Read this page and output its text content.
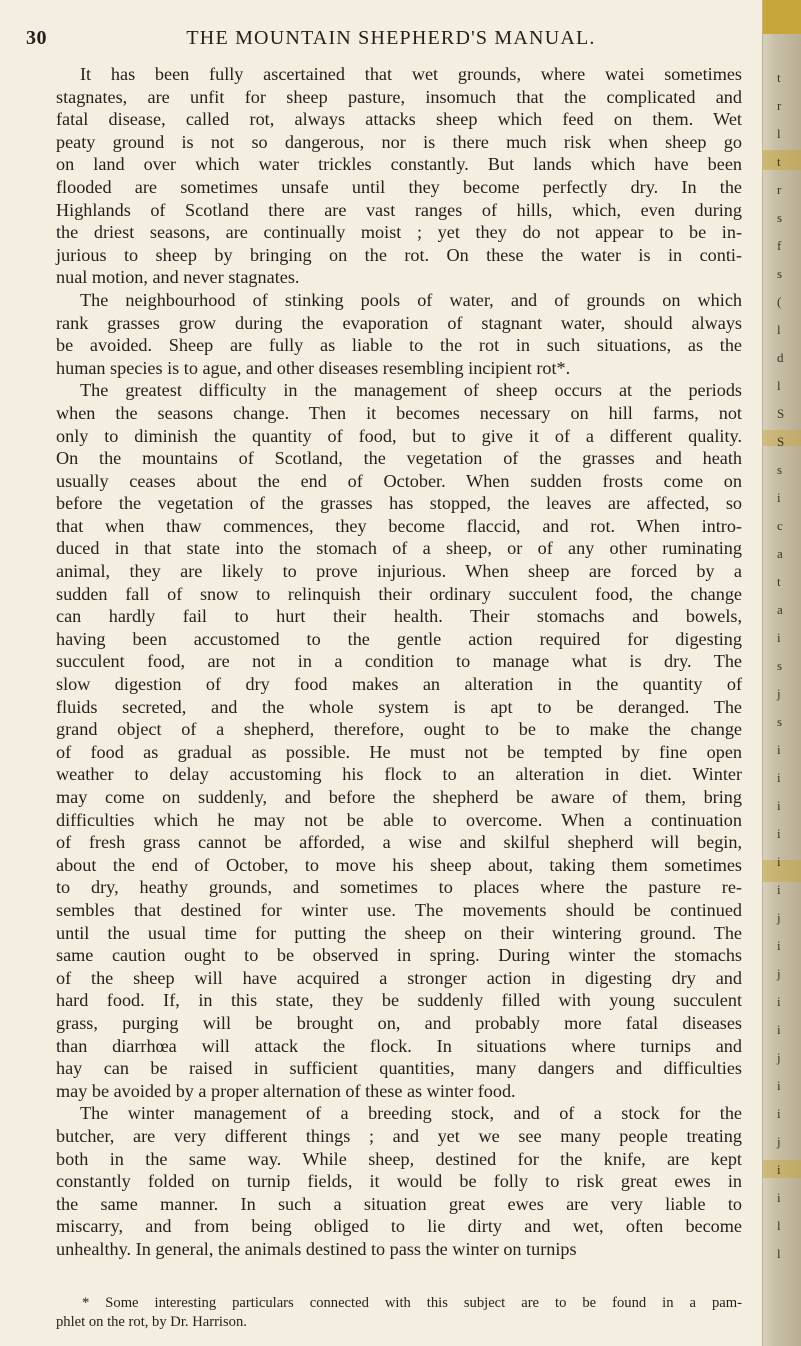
30	THE MOUNTAIN SHEPHERD'S MANUAL.
It has been fully ascertained that wet grounds, where watei sometimes
stagnates, are unfit for sheep pasture, insomuch that the complicated and
fatal disease, called rot, always attacks sheep which feed on them. Wet
peaty ground is not so dangerous, nor is there much risk when sheep go
on land over which water trickles constantly. But lands which have been
flooded are sometimes unsafe until they become perfectly dry. In the
Highlands of Scotland there are vast ranges of hills, which, even during
the driest seasons, are continually moist ; yet they do not appear to be in-
jurious to sheep by bringing on the rot. On these the water is in conti-
nual motion, and never stagnates.
The neighbourhood of stinking pools of water, and of grounds on which
rank grasses grow during the evaporation of stagnant water, should always
be avoided. Sheep are fully as liable to the rot in such situations, as the
human species is to ague, and other diseases resembling incipient rot*.
The greatest difficulty in the management of sheep occurs at the periods
when the seasons change. Then it becomes necessary on hill farms, not
only to diminish the quantity of food, but to give it of a different quality.
On the mountains of Scotland, the vegetation of the grasses and heath
usually ceases about the end of October. When sudden frosts come on
before the vegetation of the grasses has stopped, the leaves are affected, so
that when thaw commences, they become flaccid, and rot. When intro-
duced in that state into the stomach of a sheep, or of any other ruminating
animal, they are likely to prove injurious. When sheep are forced by a
sudden fall of snow to relinquish their ordinary succulent food, the change
can hardly fail to hurt their health. Their stomachs and bowels,
having been accustomed to the gentle action required for digesting
succulent food, are not in a condition to manage what is dry. The
slow digestion of dry food makes an alteration in the quantity of
fluids secreted, and the whole system is apt to be deranged. The
grand object of a shepherd, therefore, ought to be to make the change
of food as gradual as possible. He must not be tempted by fine open
weather to delay accustoming his flock to an alteration in diet. Winter
may come on suddenly, and before the shepherd be aware of them, bring
difficulties which he may not be able to overcome. When a continuation
of fresh grass cannot be afforded, a wise and skilful shepherd will begin,
about the end of October, to move his sheep about, taking them sometimes
to dry, heathy grounds, and sometimes to places where the pasture re-
sembles that destined for winter use. The movements should be continued
until the usual time for putting the sheep on their wintering ground. The
same caution ought to be observed in spring. During winter the stomachs
of the sheep will have acquired a stronger action in digesting dry and
hard food. If, in this state, they be suddenly filled with young succulent
grass, purging will be brought on, and probably more fatal diseases
than diarrhœa will attack the flock. In situations where turnips and
hay can be raised in sufficient quantities, many dangers and difficulties
may be avoided by a proper alternation of these as winter food.
The winter management of a breeding stock, and of a stock for the
butcher, are very different things ; and yet we see many people treating
both in the same way. While sheep, destined for the knife, are kept
constantly folded on turnip fields, it would be folly to risk great ewes in
the same manner. In such a situation great ewes are very liable to
miscarry, and from being obliged to lie dirty and wet, often become
unhealthy. In general, the animals destined to pass the winter on turnips
* Some interesting particulars connected with this subject are to be found in a pam-
phlet on the rot, by Dr. Harrison.
t
r
l
t
r
s
f
s
(
l
d
l
S
S
s
i
c
a
t
a
i
s
j
s
i
i
i
i
i
i
j
i
j
i
i
j
i
i
j
i
i
l
l
